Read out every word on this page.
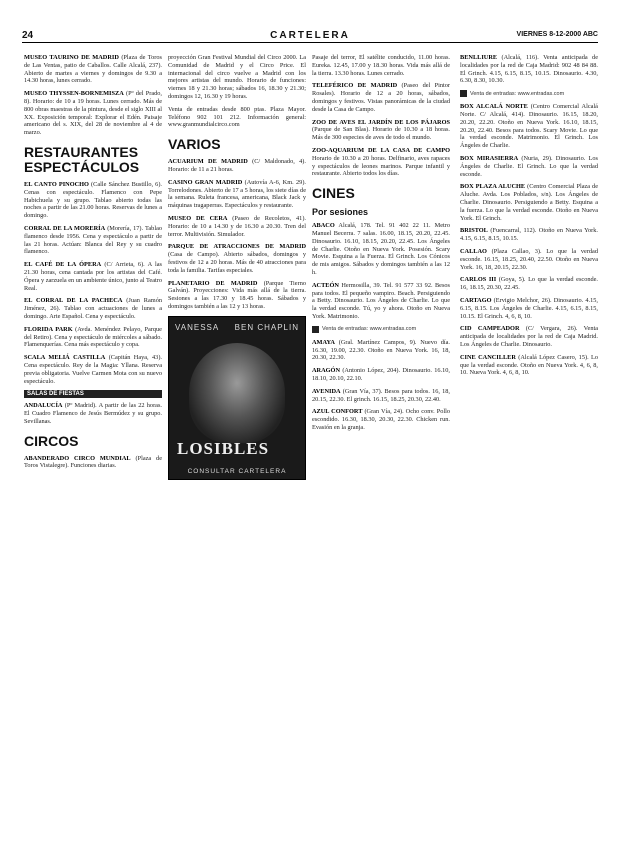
24	CARTELERA	VIERNES 8-12-2000 ABC

MUSEO TAURINO DE MADRID (Plaza de Toros de Las Ventas, patio de Caballos. Calle Alcalá, 237). Abierto de martes a viernes y domingos de 9.30 a 14.30 horas, lunes cerrado.

MUSEO THYSSEN-BORNEMISZA (Pº del Prado, 8). Horario: de 10 a 19 horas. Lunes cerrado. Más de 800 obras maestras de la pintura, desde el siglo XIII al XX. Exposición temporal: Explorar el Edén. Paisaje americano del s. XIX, del 28 de noviembre al 4 de marzo.

RESTAURANTES ESPECTÁCULOS

EL CANTO PINOCHO (Calle Sánchez Bustillo, 6). Cenas con espectáculo. Flamenco con Pepe Habichuela y su grupo. Tablao abierto todas las noches a partir de las 21.00 horas. Reservas de lunes a domingo.

CORRAL DE LA MORERÍA (Morería, 17). Tablao flamenco desde 1956. Cena y espectáculo a partir de las 21 horas. Actúan: Blanca del Rey y su cuadro flamenco.

EL CAFÉ DE LA ÓPERA (C/ Arrieta, 6). A las 21.30 horas, cena cantada por los artistas del Café. Ópera y zarzuela en un ambiente único, junto al Teatro Real.

EL CORRAL DE LA PACHECA (Juan Ramón Jiménez, 26). Tablao con actuaciones de lunes a domingo. Arte Español. Cena y espectáculo.

FLORIDA PARK (Avda. Menéndez Pelayo, Parque del Retiro). Cena y espectáculo de miércoles a sábado. Flamenquerías. Cena más espectáculo y copa.

SCALA MELIÁ CASTILLA (Capitán Haya, 43). Cena espectáculo. Rey de la Magia: Yllana. Reserva previa obligatoria. Vuelve Carmen Mota con su nuevo espectáculo.

SALAS DE FIESTAS

ANDALUCÍA (Pº Madrid). A partir de las 22 horas. El Cuadro Flamenco de Jesús Bermúdez y su grupo. Sevillanas.

CIRCOS

ABANDERADO CIRCO MUNDIAL (Plaza de Toros Vistalegre). Funciones diarias.

proyección Gran Festival Mundial del Circo 2000. La Comunidad de Madrid y el Circo Price. El internacional del circo vuelve a Madrid con los mejores artistas del mundo. Horario de funciones: viernes 18 y 21.30 horas; sábados 16, 18.30 y 21.30; domingos 12, 16.30 y 19 horas.

Venta de entradas desde 800 ptas. Plaza Mayor. Teléfono 902 101 212. Información general: www.granmundialcirco.com

VARIOS

ACUARIUM DE MADRID (C/ Maldonado, 4). Horario: de 11 a 21 horas.

CASINO GRAN MADRID (Autovía A-6, Km. 29). Torrelodones. Abierto de 17 a 5 horas, los siete días de la semana. Ruleta francesa, americana, Black Jack y máquinas tragaperras. Espectáculos y restaurante.

MUSEO DE CERA (Paseo de Recoletos, 41). Horario: de 10 a 14.30 y de 16.30 a 20.30. Tren del terror. Multivisión. Simulador.

PARQUE DE ATRACCIONES DE MADRID (Casa de Campo). Abierto sábados, domingos y festivos de 12 a 20 horas. Más de 40 atracciones para toda la familia. Tarifas especiales.

PLANETARIO DE MADRID (Parque Tierno Galván). Proyecciones: Vida más allá de la tierra. Sesiones a las 17.30 y 18.45 horas. Sábados y domingos también a las 12 y 13 horas.

VANESSA BEN CHAPLIN
LOSIBLES
CONSULTAR CARTELERA

Pasaje del terror, El satélite conducido, 11.00 horas. Eureka. 12.45, 17.00 y 18.30 horas. Vida más allá de la tierra. 13.30 horas. Lunes cerrado.

TELEFÉRICO DE MADRID (Paseo del Pintor Rosales). Horario de 12 a 20 horas, sábados, domingos y festivos. Vistas panorámicas de la ciudad desde la Casa de Campo.

ZOO DE AVES EL JARDÍN DE LOS PÁJAROS (Parque de San Blas). Horario de 10.30 a 18 horas. Más de 300 especies de aves de todo el mundo.

ZOO-AQUARIUM DE LA CASA DE CAMPO Horario de 10.30 a 20 horas. Delfinario, aves rapaces y espectáculos de leones marinos. Parque infantil y restaurante. Abierto todos los días.

CINES
Por sesiones

ABACO Alcalá, 178. Tel. 91 402 22 11. Metro Manuel Becerra. 7 salas. 16.00, 18.15, 20.20, 22.45. Dinosaurio. 16.10, 18.15, 20.20, 22.45. Los Ángeles de Charlie. Otoño en Nueva York. Posesión. Scary Movie. Esquina a la Fuerza. El Grinch. Los Cónicos de mis amigos. Sábados y domingos también a las 12 h.

ACTEÓN Hermosilla, 39. Tel. 91 577 33 92. Besos para todos. El pequeño vampiro. Beach. Persiguiendo a Betty. Dinosaurio. Los Ángeles de Charlie. Lo que la verdad esconde. Tú, yo y ahora. Otoño en Nueva York. Matrimonio.

Venta de entradas: www.entradas.com

AMAYA (Gral. Martínez Campos, 9). Nuevo día. 16.30, 19.00, 22.30. Otoño en Nueva York. 16, 18, 20.30, 22.30.

ARAGÓN (Antonio López, 204). Dinosaurio. 16.10, 18.10, 20.10, 22.10.

AVENIDA (Gran Vía, 37). Besos para todos. 16, 18, 20.15, 22.30. El grinch. 16.15, 18.25, 20.30, 22.40.

AZUL CONFORT (Gran Vía, 24). Ocho conv. Pollo escondido. 16.30, 18.30, 20.30, 22.30. Chicken run. Evasión en la granja.

BENLLIURE (Alcalá, 116). Venta anticipada de localidades por la red de Caja Madrid: 902 48 84 88. El Grinch. 4.15, 6.15, 8.15, 10.15. Dinosaurio. 4.30, 6.30, 8.30, 10.30.

Venta de entradas: www.entradas.com

BOX ALCALÁ NORTE (Centro Comercial Alcalá Norte. C/ Alcalá, 414). Dinosaurio. 16.15, 18.20, 20.20, 22.20. Otoño en Nueva York. 16.10, 18.15, 20.20, 22.40. Besos para todos. Scary Movie. Lo que la verdad esconde. Matrimonio. El Grinch. Los Ángeles de Charlie.

BOX MIRASIERRA (Nuria, 29). Dinosaurio. Los Ángeles de Charlie. El Grinch. Lo que la verdad esconde.

BOX PLAZA ALUCHE (Centro Comercial Plaza de Aluche. Avda. Los Poblados, s/n). Los Ángeles de Charlie. Dinosaurio. Persiguiendo a Betty. Esquina a la fuerza. Lo que la verdad esconde. Otoño en Nueva York. El Grinch.

BRISTOL (Fuencarral, 112). Otoño en Nueva York. 4.15, 6.15, 8.15, 10.15.

CALLAO (Plaza Callao, 3). Lo que la verdad esconde. 16.15, 18.25, 20.40, 22.50. Otoño en Nueva York. 16, 18, 20.15, 22.30.

CARLOS III (Goya, 5). Lo que la verdad esconde. 16, 18.15, 20.30, 22.45.

CARTAGO (Ervigio Melchor, 26). Dinosaurio. 4.15, 6.15, 8.15. Los Ángeles de Charlie. 4.15, 6.15, 8.15, 10.15. El Grinch. 4, 6, 8, 10.

CID CAMPEADOR (C/ Vergara, 26). Venta anticipada de localidades por la red de Caja Madrid. Los Ángeles de Charlie. Dinosaurio.

CINE CANCILLER (Alcalá López Casero, 15). Lo que la verdad esconde. Otoño en Nueva York. 4, 6, 8, 10. Nueva York. 4, 6, 8, 10.
